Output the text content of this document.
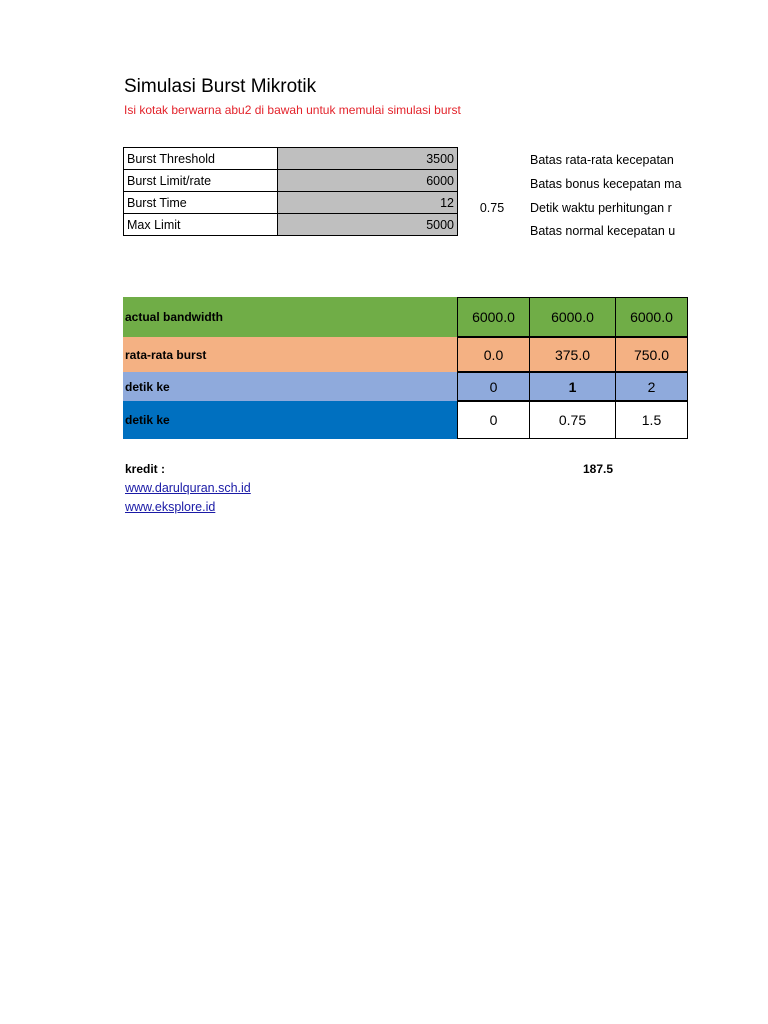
Simulasi Burst Mikrotik
Isi kotak berwarna abu2 di bawah untuk memulai simulasi burst
Burst Threshold	3500
Burst Limit/rate	6000
Burst Time	12
Max Limit	5000
0.75
Batas rata-rata kecepatan
Batas bonus kecepatan ma
Detik waktu perhitungan r
Batas normal kecepatan u
actual bandwidth	6000.0	6000.0	6000.0
rata-rata burst	0.0	375.0	750.0
detik ke	0	1	2
detik ke	0	0.75	1.5
kredit :	187.5
www.darulquran.sch.id
www.eksplore.id
